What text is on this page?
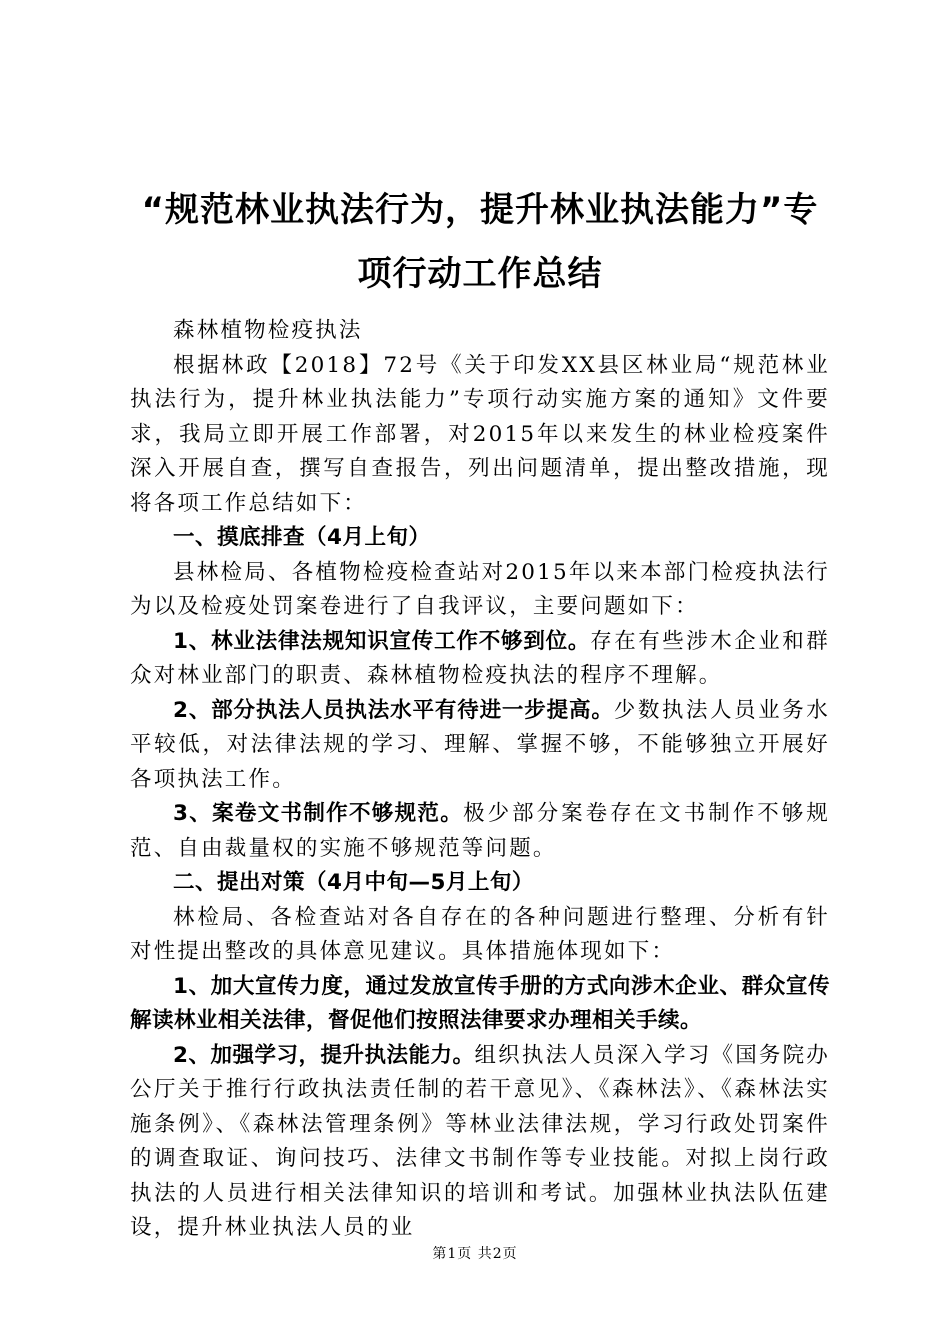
“规范林业执法行为，提升林业执法能力”专
项行动工作总结

森林植物检疫执法

根据林政【2018】72号《关于印发XX县区林业局“规范林业执法行为，提升林业执法能力”专项行动实施方案的通知》文件要求，我局立即开展工作部署，对2015年以来发生的林业检疫案件深入开展自查，撰写自查报告，列出问题清单，提出整改措施，现将各项工作总结如下：

一、摸底排查（4月上旬）

县林检局、各植物检疫检查站对2015年以来本部门检疫执法行为以及检疫处罚案卷进行了自我评议，主要问题如下：

1、林业法律法规知识宣传工作不够到位。存在有些涉木企业和群众对林业部门的职责、森林植物检疫执法的程序不理解。

2、部分执法人员执法水平有待进一步提高。少数执法人员业务水平较低，对法律法规的学习、理解、掌握不够，不能够独立开展好各项执法工作。

3、案卷文书制作不够规范。极少部分案卷存在文书制作不够规范、自由裁量权的实施不够规范等问题。

二、提出对策（4月中旬—5月上旬）

林检局、各检查站对各自存在的各种问题进行整理、分析有针对性提出整改的具体意见建议。具体措施体现如下：

1、加大宣传力度，通过发放宣传手册的方式向涉木企业、群众宣传解读林业相关法律，督促他们按照法律要求办理相关手续。

2、加强学习，提升执法能力。组织执法人员深入学习《国务院办公厅关于推行行政执法责任制的若干意见》、《森林法》、《森林法实施条例》、《森林法管理条例》等林业法律法规，学习行政处罚案件的调查取证、询问技巧、法律文书制作等专业技能。对拟上岗行政执法的人员进行相关法律知识的培训和考试。加强林业执法队伍建设，提升林业执法人员的业

第1页 共2页
